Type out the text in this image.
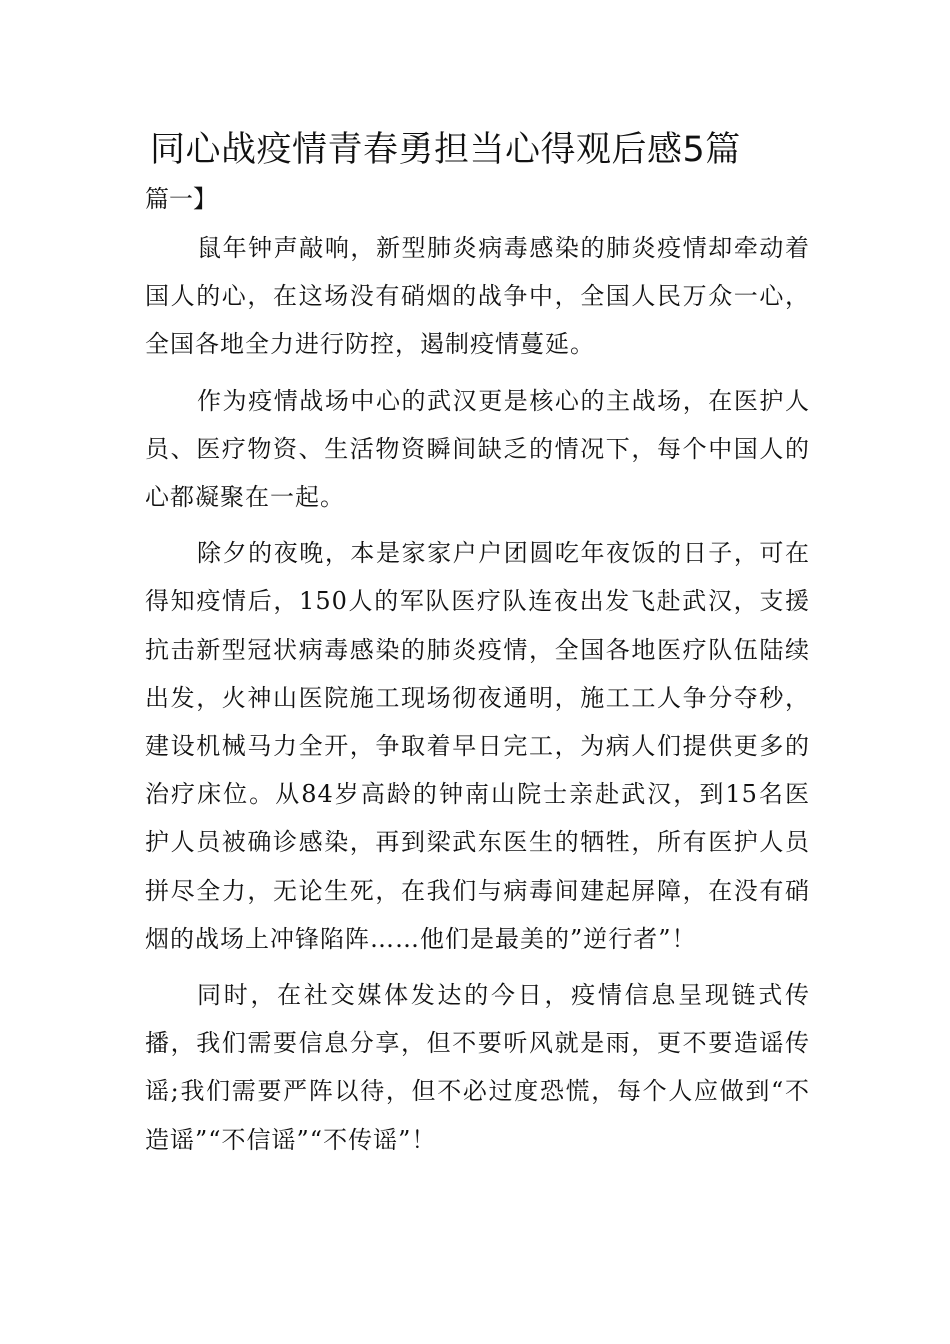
同心战疫情青春勇担当心得观后感5篇
篇一】

鼠年钟声敲响，新型肺炎病毒感染的肺炎疫情却牵动着国人的心，在这场没有硝烟的战争中，全国人民万众一心，全国各地全力进行防控，遏制疫情蔓延。

作为疫情战场中心的武汉更是核心的主战场，在医护人员、医疗物资、生活物资瞬间缺乏的情况下，每个中国人的心都凝聚在一起。

除夕的夜晚，本是家家户户团圆吃年夜饭的日子，可在得知疫情后，150人的军队医疗队连夜出发飞赴武汉，支援抗击新型冠状病毒感染的肺炎疫情，全国各地医疗队伍陆续出发，火神山医院施工现场彻夜通明，施工工人争分夺秒，建设机械马力全开，争取着早日完工，为病人们提供更多的治疗床位。从84岁高龄的钟南山院士亲赴武汉，到15名医护人员被确诊感染，再到梁武东医生的牺牲，所有医护人员拼尽全力，无论生死，在我们与病毒间建起屏障，在没有硝烟的战场上冲锋陷阵……他们是最美的”逆行者”！

同时，在社交媒体发达的今日，疫情信息呈现链式传播，我们需要信息分享，但不要听风就是雨，更不要造谣传谣;我们需要严阵以待，但不必过度恐慌，每个人应做到“不造谣”“不信谣”“不传谣”！
